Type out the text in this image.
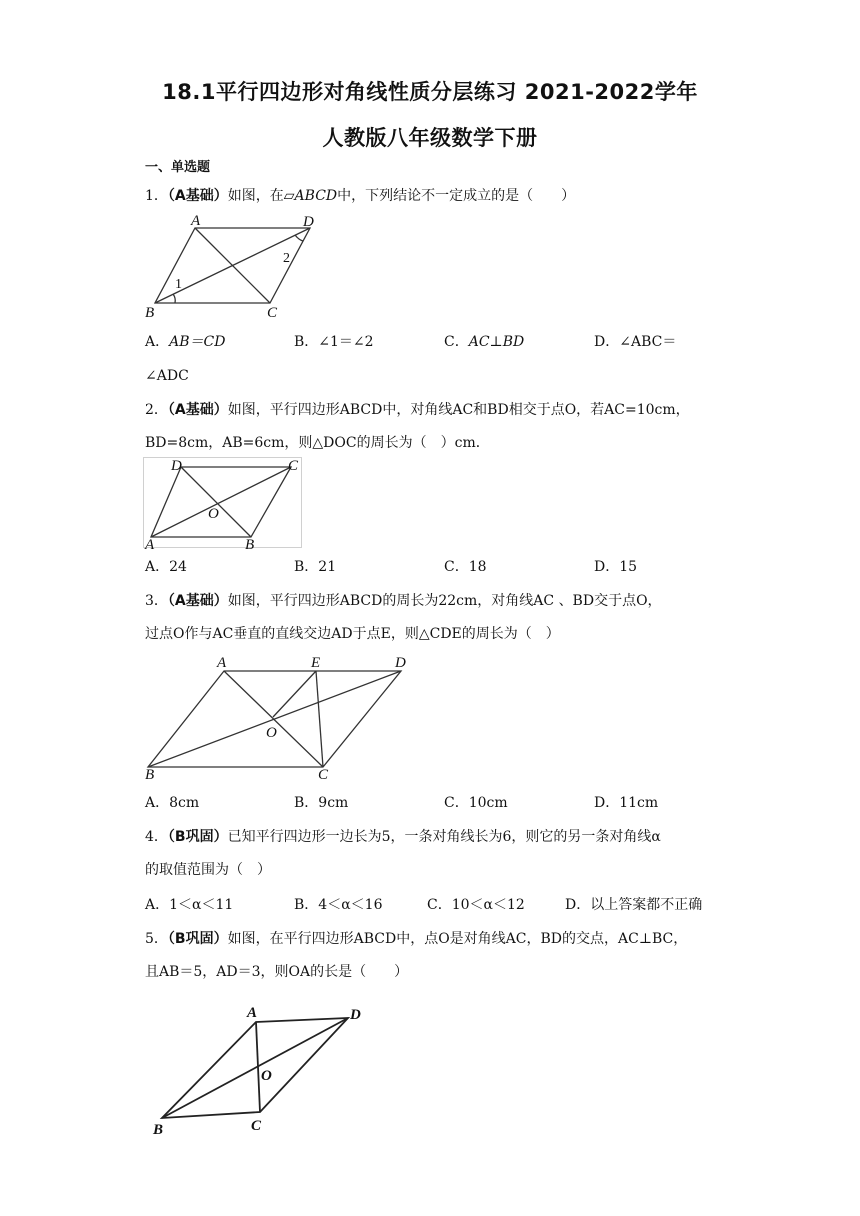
18.1平行四边形对角线性质分层练习 2021-2022学年
人教版八年级数学下册
一、单选题
1．（A基础）如图，在▱ABCD中，下列结论不一定成立的是（　　）
A	D
B	C
1
2
A．AB＝CD	B．∠1＝∠2	C．AC⊥BD	D．∠ABC＝
∠ADC
2．（A基础）如图，平行四边形ABCD中，对角线AC和BD相交于点O，若AC=10cm，
BD=8cm，AB=6cm，则△DOC的周长为（　）cm．
D	C
A	B
O
A．24	B．21	C．18	D．15
3．（A基础）如图，平行四边形ABCD的周长为22cm，对角线AC 、BD交于点O，
过点O作与AC垂直的直线交边AD于点E，则△CDE的周长为（　）
A	E	D
B	C
O
A．8cm	B．9cm	C．10cm	D．11cm
4．（B巩固）已知平行四边形一边长为5，一条对角线长为6，则它的另一条对角线α
的取值范围为（　）
A．1＜α＜11	B．4＜α＜16	C．10＜α＜12	D．以上答案都不正确
5．（B巩固）如图，在平行四边形ABCD中，点O是对角线AC，BD的交点，AC⊥BC，
且AB＝5，AD＝3，则OA的长是（　　）
A	D
B	C
O
